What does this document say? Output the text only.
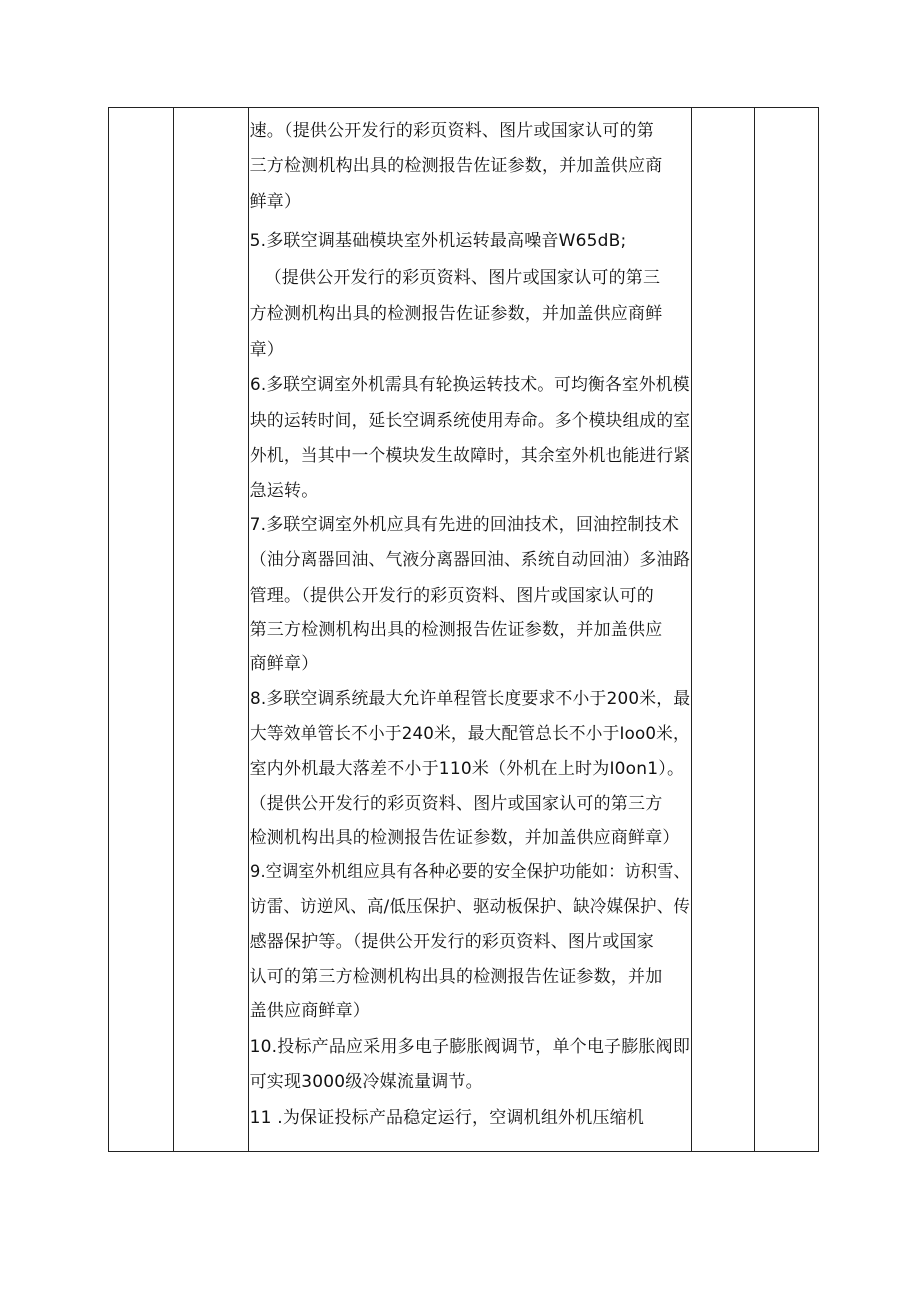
速。（提供公开发行的彩页资料、图片或国家认可的第
三方检测机构出具的检测报告佐证参数，并加盖供应商
鲜章）
5.多联空调基础模块室外机运转最高噪音W65dB;
（提供公开发行的彩页资料、图片或国家认可的第三
方检测机构出具的检测报告佐证参数，并加盖供应商鲜
章）
6.多联空调室外机需具有轮换运转技术。可均衡各室外机模
块的运转时间，延长空调系统使用寿命。多个模块组成的室
外机，当其中一个模块发生故障时，其余室外机也能进行紧
急运转。
7.多联空调室外机应具有先进的回油技术，回油控制技术
（油分离器回油、气液分离器回油、系统自动回油）多油路
管理。（提供公开发行的彩页资料、图片或国家认可的
第三方检测机构出具的检测报告佐证参数，并加盖供应
商鲜章）
8.多联空调系统最大允许单程管长度要求不小于200米，最
大等效单管长不小于240米，最大配管总长不小于Ioo0米，
室内外机最大落差不小于110米（外机在上时为I0on1）。
（提供公开发行的彩页资料、图片或国家认可的第三方
检测机构出具的检测报告佐证参数，并加盖供应商鲜章）
9.空调室外机组应具有各种必要的安全保护功能如：访积雪、
访雷、访逆风、高/低压保护、驱动板保护、缺冷媒保护、传
感器保护等。（提供公开发行的彩页资料、图片或国家
认可的第三方检测机构出具的检测报告佐证参数，并加
盖供应商鲜章）
10.投标产品应采用多电子膨胀阀调节，单个电子膨胀阀即
可实现3000级冷媒流量调节。
11 .为保证投标产品稳定运行，空调机组外机压缩机
